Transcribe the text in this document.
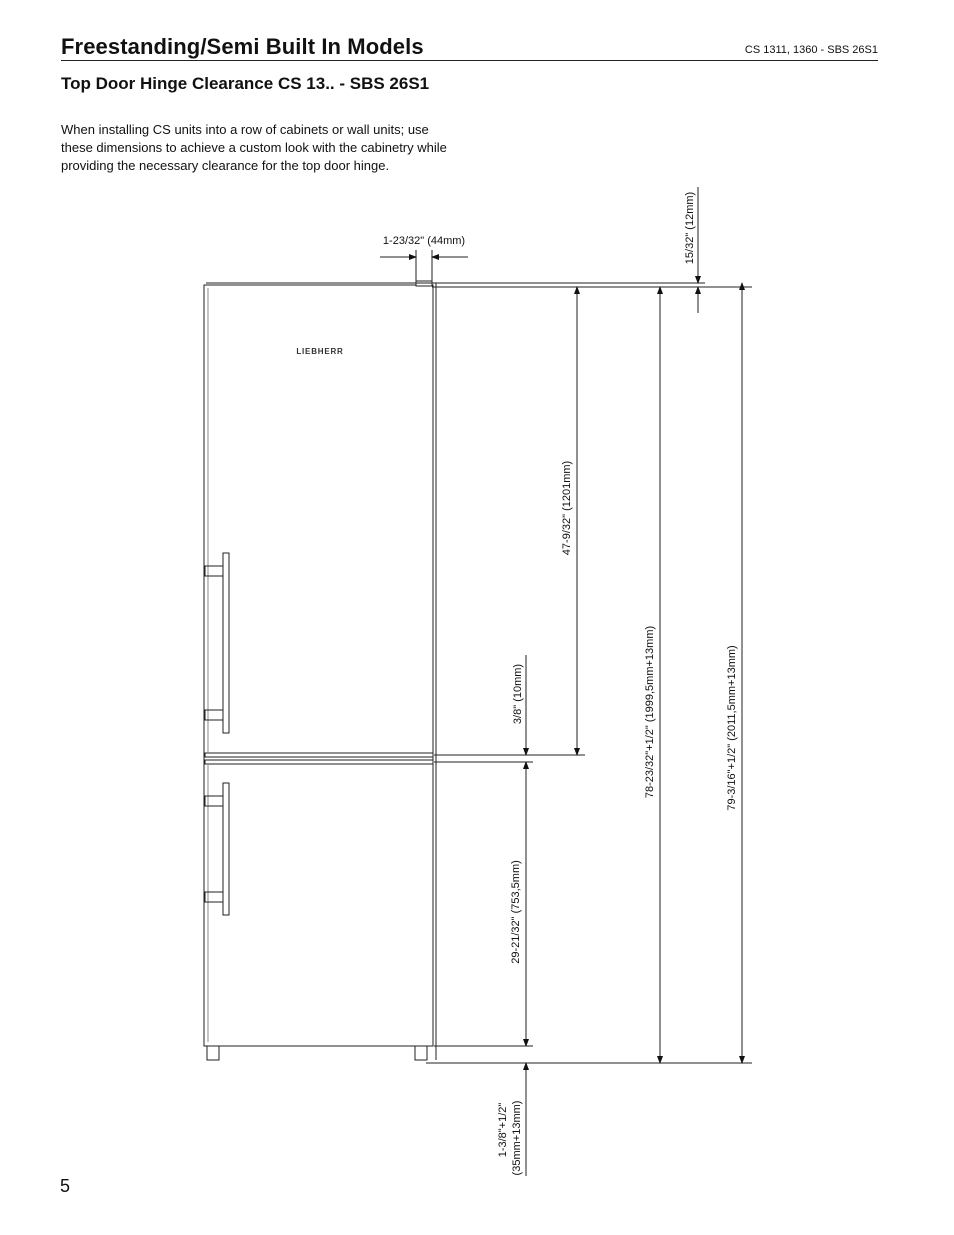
Freestanding/Semi Built In Models	CS 1311, 1360 - SBS 26S1
Top Door Hinge Clearance CS 13.. - SBS 26S1
When installing CS units into a row of cabinets or wall units; use these dimensions to achieve a custom look with the cabinetry while providing the necessary clearance for the top door hinge.
LIEBHERR
1-23/32" (44mm)	15/32" (12mm)
47-9/32" (1201mm)
3/8" (10mm)
29-21/32" (753,5mm)
78-23/32"+1/2" (1999,5mm+13mm)	79-3/16"+1/2" (2011,5mm+13mm)
1-3/8"+1/2" (35mm+13mm)
5
